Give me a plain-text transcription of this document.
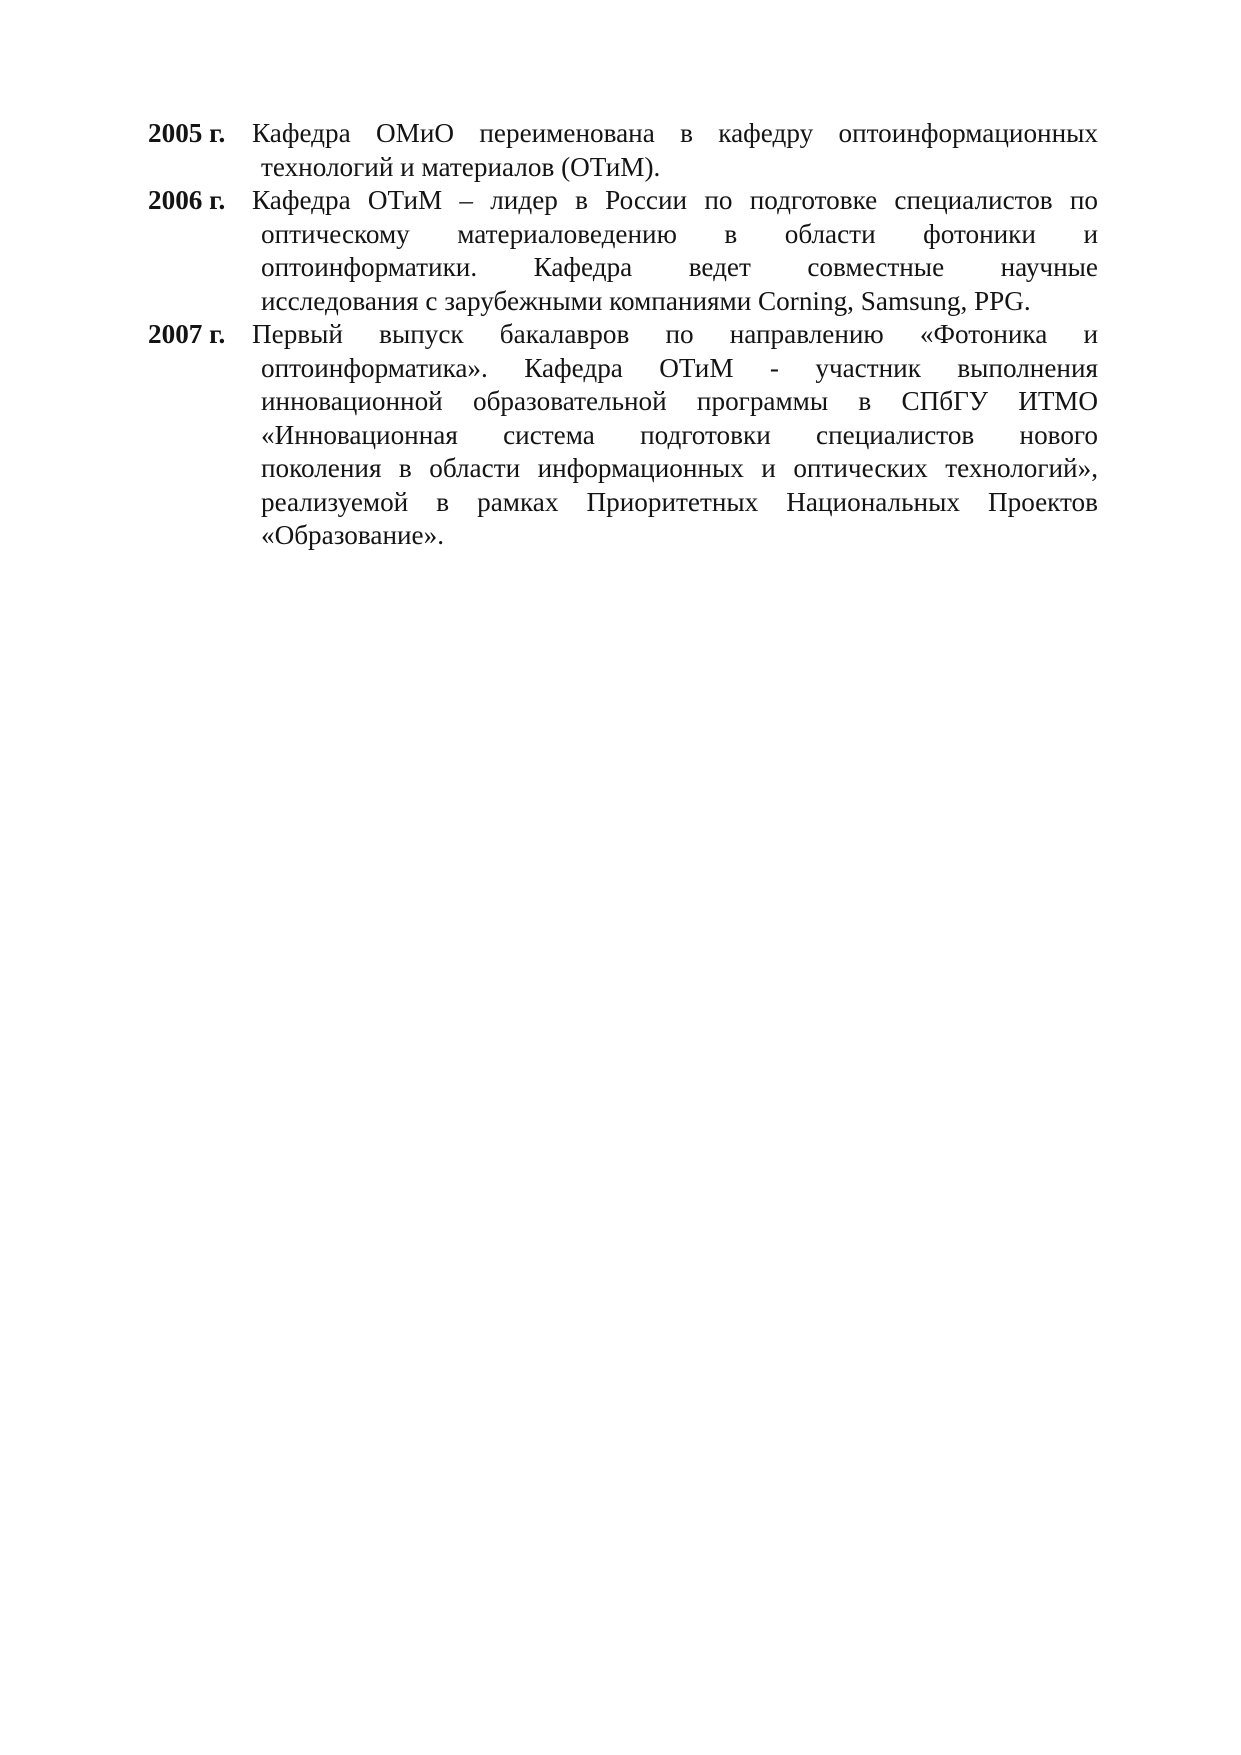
2005 г. Кафедра ОМиО переименована в кафедру оптоинформационных
технологий и материалов (ОТиМ).
2006 г. Кафедра ОТиМ – лидер в России по подготовке специалистов по
оптическому материаловедению в области фотоники и
оптоинформатики. Кафедра ведет совместные научные
исследования с зарубежными компаниями Corning, Samsung, PPG.
2007 г. Первый выпуск бакалавров по направлению «Фотоника и
оптоинформатика». Кафедра ОТиМ - участник выполнения
инновационной образовательной программы в СПбГУ ИТМО
«Инновационная система подготовки специалистов нового
поколения в области информационных и оптических технологий»,
реализуемой в рамках Приоритетных Национальных Проектов
«Образование».
